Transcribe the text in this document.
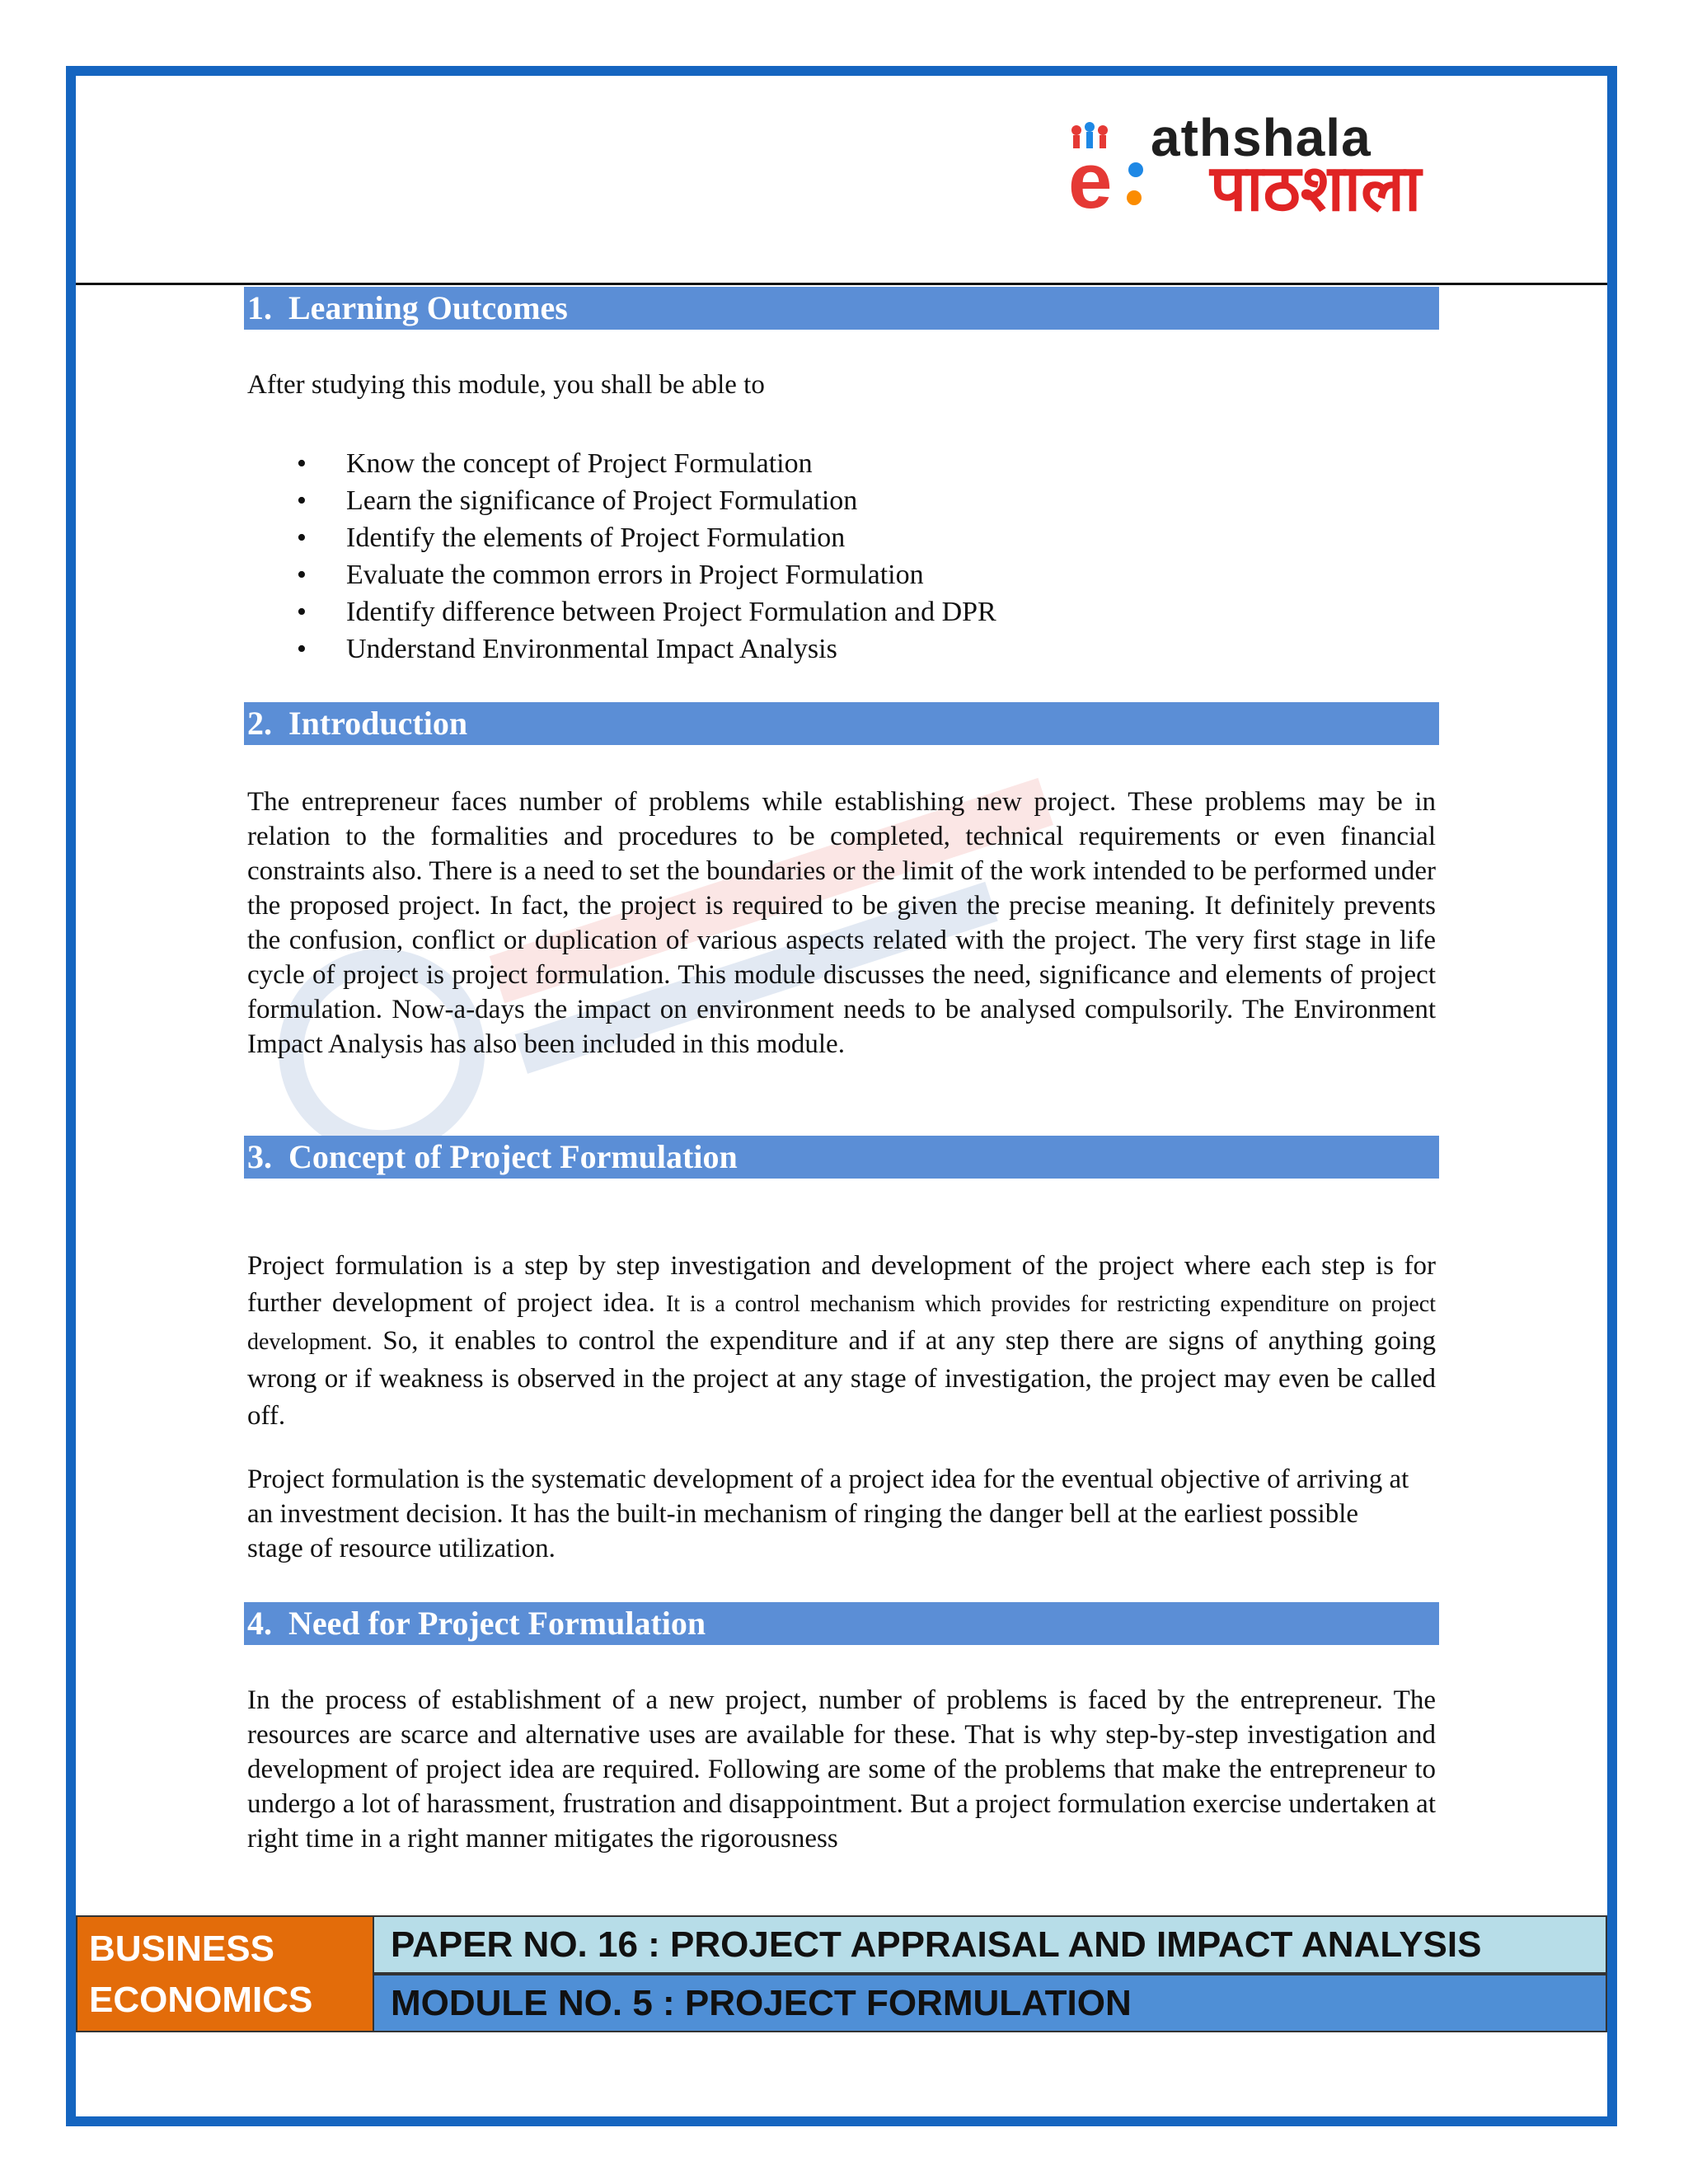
e athshala
पाठशाला
1. Learning Outcomes
After studying this module, you shall be able to
• Know the concept of Project Formulation
• Learn the significance of Project Formulation
• Identify the elements of Project Formulation
• Evaluate the common errors in Project Formulation
• Identify difference between Project Formulation and DPR
• Understand Environmental Impact Analysis
2. Introduction
The entrepreneur faces number of problems while establishing new project. These problems may be in relation to the formalities and procedures to be completed, technical requirements or even financial constraints also. There is a need to set the boundaries or the limit of the work intended to be performed under the proposed project. In fact, the project is required to be given the precise meaning. It definitely prevents the confusion, conflict or duplication of various aspects related with the project. The very first stage in life cycle of project is project formulation. This module discusses the need, significance and elements of project formulation. Now-a-days the impact on environment needs to be analysed compulsorily. The Environment Impact Analysis has also been included in this module.
3. Concept of Project Formulation
Project formulation is a step by step investigation and development of the project where each step is for further development of project idea. It is a control mechanism which provides for restricting expenditure on project development. So, it enables to control the expenditure and if at any step there are signs of anything going wrong or if weakness is observed in the project at any stage of investigation, the project may even be called off.
Project formulation is the systematic development of a project idea for the eventual objective of arriving at an investment decision. It has the built-in mechanism of ringing the danger bell at the earliest possible stage of resource utilization.
4. Need for Project Formulation
In the process of establishment of a new project, number of problems is faced by the entrepreneur. The resources are scarce and alternative uses are available for these. That is why step-by-step investigation and development of project idea are required. Following are some of the problems that make the entrepreneur to undergo a lot of harassment, frustration and disappointment. But a project formulation exercise undertaken at right time in a right manner mitigates the rigorousness
BUSINESS
ECONOMICS
PAPER NO. 16 : PROJECT APPRAISAL AND IMPACT ANALYSIS
MODULE NO. 5 : PROJECT FORMULATION
